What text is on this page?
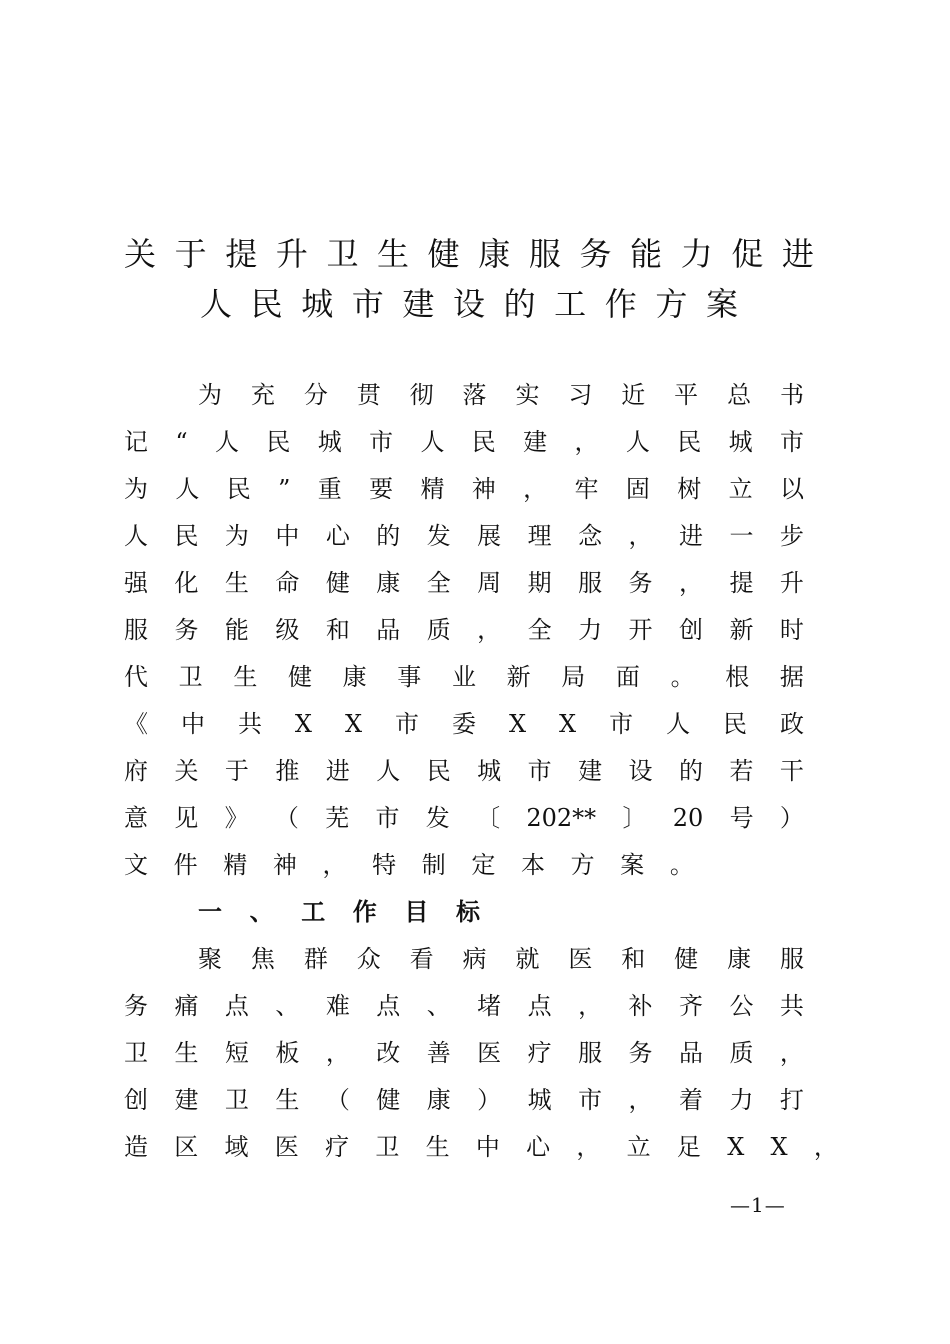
关 于 提 升 卫 生 健 康 服 务 能 力 促 进
人 民 城 市 建 设 的 工 作 方 案
为 充 分 贯 彻 落 实 习 近 平 总 书
记 “ 人 民 城 市 人 民 建 ， 人 民 城 市
为 人 民 ” 重 要 精 神 ， 牢 固 树 立 以
人 民 为 中 心 的 发 展 理 念 ， 进 一 步
强 化 生 命 健 康 全 周 期 服 务 ， 提 升
服 务 能 级 和 品 质 ， 全 力 开 创 新 时
代 卫 生 健 康 事 业 新 局 面 。 根 据
《 中 共 X X 市 委 X X 市 人 民 政
府 关 于 推 进 人 民 城 市 建 设 的 若 干
意 见 》 （ 芜 市 发 〔 202** 〕 20 号 ）
文 件 精 神 ， 特 制 定 本 方 案 。
一 、 工 作 目 标
聚 焦 群 众 看 病 就 医 和 健 康 服
务 痛 点 、 难 点 、 堵 点 ， 补 齐 公 共
卫 生 短 板 ， 改 善 医 疗 服 务 品 质 ，
创 建 卫 生 （ 健 康 ） 城 市 ， 着 力 打
造 区 域 医 疗 卫 生 中 心 ， 立 足 X X ，
—1—
